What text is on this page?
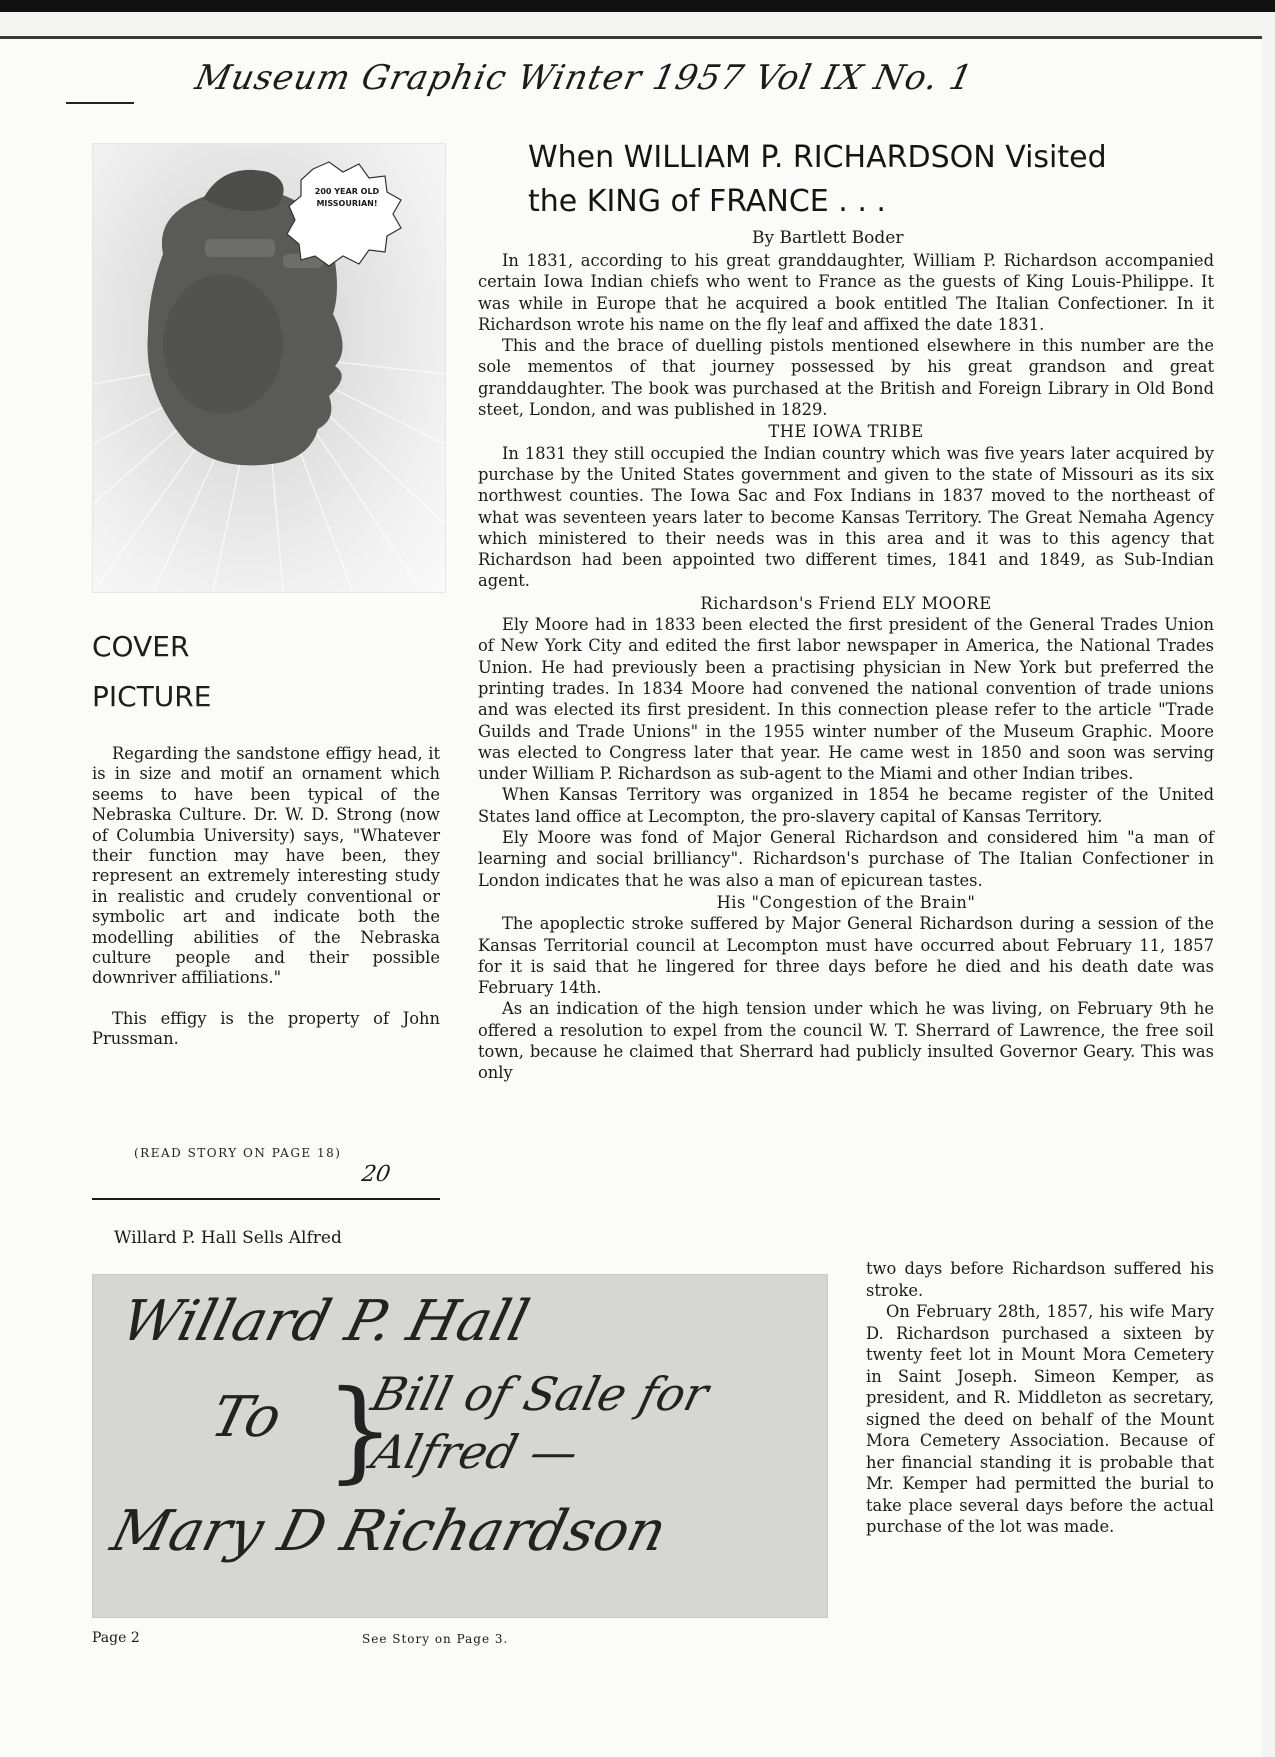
Museum Graphic Winter 1957 Vol IX No. 1
200 YEAR OLD MISSOURIAN!
COVER
PICTURE

Regarding the sandstone effigy head, it is in size and motif an ornament which seems to have been typical of the Nebraska Culture. Dr. W. D. Strong (now of Columbia University) says, "Whatever their function may have been, they represent an extremely interesting study in realistic and crudely conventional or symbolic art and indicate both the modelling abilities of the Nebraska culture people and their possible downriver affiliations."

This effigy is the property of John Prussman.

(READ STORY ON PAGE 18)
20
Willard P. Hall Sells Alfred
When WILLIAM P. RICHARDSON Visited
the KING of FRANCE . . .
By Bartlett Boder

In 1831, according to his great granddaughter, William P. Richardson accompanied certain Iowa Indian chiefs who went to France as the guests of King Louis-Philippe. It was while in Europe that he acquired a book entitled The Italian Confectioner. In it Richardson wrote his name on the fly leaf and affixed the date 1831.

This and the brace of duelling pistols mentioned elsewhere in this number are the sole mementos of that journey possessed by his great grandson and great granddaughter. The book was purchased at the British and Foreign Library in Old Bond steet, London, and was published in 1829.

THE IOWA TRIBE

In 1831 they still occupied the Indian country which was five years later acquired by purchase by the United States government and given to the state of Missouri as its six northwest counties. The Iowa Sac and Fox Indians in 1837 moved to the northeast of what was seventeen years later to become Kansas Territory. The Great Nemaha Agency which ministered to their needs was in this area and it was to this agency that Richardson had been appointed two different times, 1841 and 1849, as Sub-Indian agent.

Richardson's Friend ELY MOORE

Ely Moore had in 1833 been elected the first president of the General Trades Union of New York City and edited the first labor newspaper in America, the National Trades Union. He had previously been a practising physician in New York but preferred the printing trades. In 1834 Moore had convened the national convention of trade unions and was elected its first president. In this connection please refer to the article "Trade Guilds and Trade Unions" in the 1955 winter number of the Museum Graphic. Moore was elected to Congress later that year. He came west in 1850 and soon was serving under William P. Richardson as sub-agent to the Miami and other Indian tribes.

When Kansas Territory was organized in 1854 he became register of the United States land office at Lecompton, the pro-slavery capital of Kansas Territory.

Ely Moore was fond of Major General Richardson and considered him "a man of learning and social brilliancy". Richardson's purchase of The Italian Confectioner in London indicates that he was also a man of epicurean tastes.

His "Congestion of the Brain"

The apoplectic stroke suffered by Major General Richardson during a session of the Kansas Territorial council at Lecompton must have occurred about February 11, 1857 for it is said that he lingered for three days before he died and his death date was February 14th.

As an indication of the high tension under which he was living, on February 9th he offered a resolution to expel from the council W. T. Sherrard of Lawrence, the free soil town, because he claimed that Sherrard had publicly insulted Governor Geary. This was only

two days before Richardson suffered his stroke.

On February 28th, 1857, his wife Mary D. Richardson purchased a sixteen by twenty feet lot in Mount Mora Cemetery in Saint Joseph. Simeon Kemper, as president, and R. Middleton as secretary, signed the deed on behalf of the Mount Mora Cemetery Association. Because of her financial standing it is probable that Mr. Kemper had permitted the burial to take place several days before the actual purchase of the lot was made.

Willard P. Hall
To }
Bill of Sale for
Alfred —
Mary D Richardson
Page 2	See Story on Page 3.
